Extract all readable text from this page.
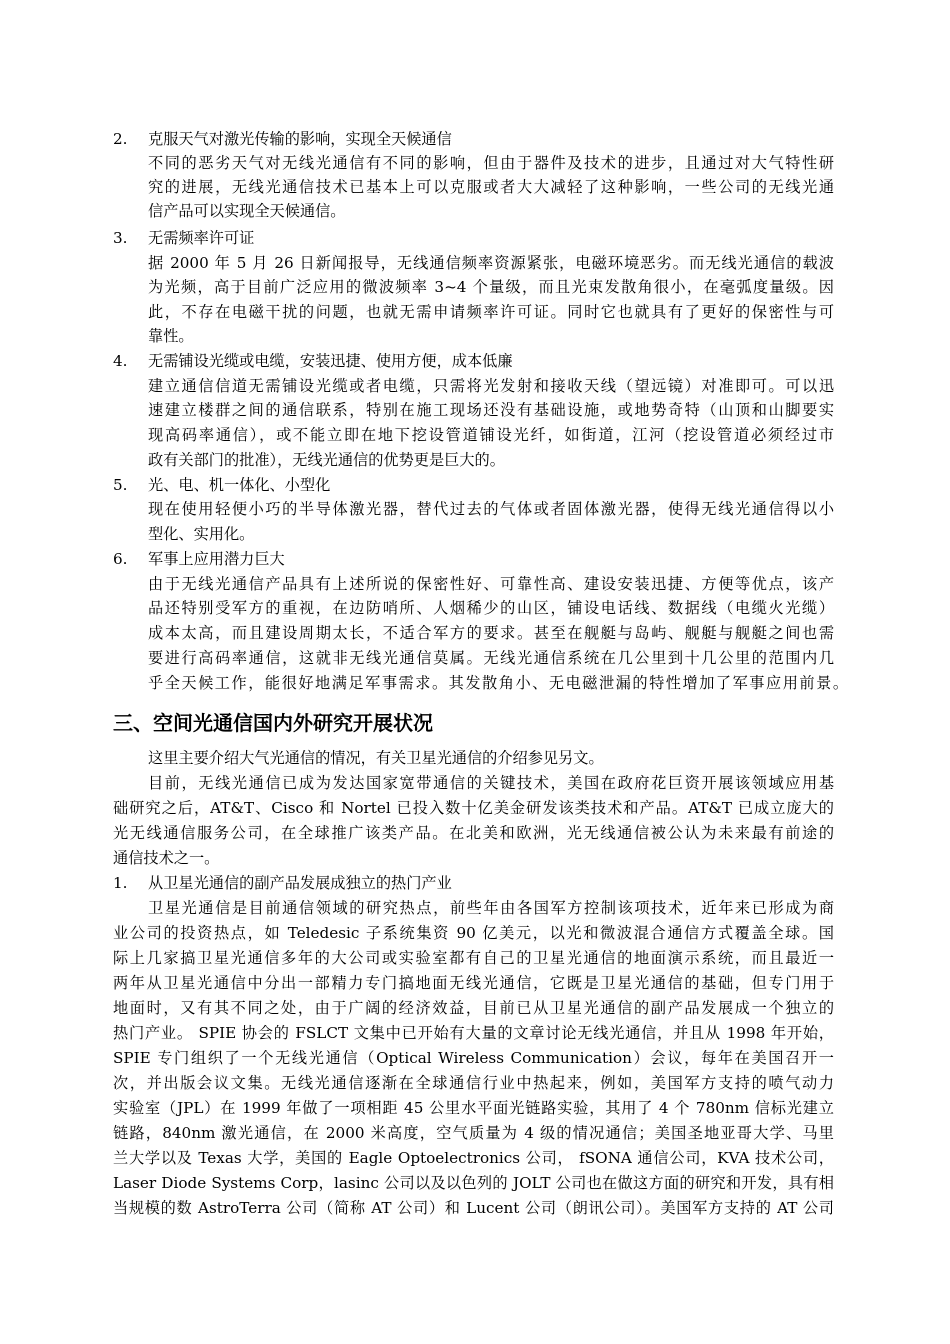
2. 克服天气对激光传输的影响，实现全天候通信
不同的恶劣天气对无线光通信有不同的影响，但由于器件及技术的进步，且通过对大气特性研
究的进展，无线光通信技术已基本上可以克服或者大大减轻了这种影响，一些公司的无线光通
信产品可以实现全天候通信。
3. 无需频率许可证
据 2000 年 5 月 26 日新闻报导，无线通信频率资源紧张，电磁环境恶劣。而无线光通信的载波
为光频，高于目前广泛应用的微波频率 3~4 个量级，而且光束发散角很小，在毫弧度量级。因
此，不存在电磁干扰的问题，也就无需申请频率许可证。同时它也就具有了更好的保密性与可
靠性。
4. 无需铺设光缆或电缆，安装迅捷、使用方便，成本低廉
建立通信信道无需铺设光缆或者电缆，只需将光发射和接收天线（望远镜）对准即可。可以迅
速建立楼群之间的通信联系，特别在施工现场还没有基础设施，或地势奇特（山顶和山脚要实
现高码率通信），或不能立即在地下挖设管道铺设光纤，如街道，江河（挖设管道必须经过市
政有关部门的批准），无线光通信的优势更是巨大的。
5. 光、电、机一体化、小型化
现在使用轻便小巧的半导体激光器，替代过去的气体或者固体激光器，使得无线光通信得以小
型化、实用化。
6. 军事上应用潜力巨大
由于无线光通信产品具有上述所说的保密性好、可靠性高、建设安装迅捷、方便等优点，该产
品还特别受军方的重视，在边防哨所、人烟稀少的山区，铺设电话线、数据线（电缆火光缆）
成本太高，而且建设周期太长，不适合军方的要求。甚至在舰艇与岛屿、舰艇与舰艇之间也需
要进行高码率通信，这就非无线光通信莫属。无线光通信系统在几公里到十几公里的范围内几
乎全天候工作，能很好地满足军事需求。其发散角小、无电磁泄漏的特性增加了军事应用前景。
三、空间光通信国内外研究开展状况
这里主要介绍大气光通信的情况，有关卫星光通信的介绍参见另文。
目前，无线光通信已成为发达国家宽带通信的关键技术，美国在政府花巨资开展该领域应用基
础研究之后，AT&T、Cisco 和 Nortel 已投入数十亿美金研发该类技术和产品。AT&T 已成立庞大的
光无线通信服务公司，在全球推广该类产品。在北美和欧洲，光无线通信被公认为未来最有前途的
通信技术之一。
1. 从卫星光通信的副产品发展成独立的热门产业
卫星光通信是目前通信领域的研究热点，前些年由各国军方控制该项技术，近年来已形成为商
业公司的投资热点，如 Teledesic 子系统集资 90 亿美元，以光和微波混合通信方式覆盖全球。国
际上几家搞卫星光通信多年的大公司或实验室都有自己的卫星光通信的地面演示系统，而且最近一
两年从卫星光通信中分出一部精力专门搞地面无线光通信，它既是卫星光通信的基础，但专门用于
地面时，又有其不同之处，由于广阔的经济效益，目前已从卫星光通信的副产品发展成一个独立的
热门产业。 SPIE 协会的 FSLCT 文集中已开始有大量的文章讨论无线光通信，并且从 1998 年开始，
SPIE 专门组织了一个无线光通信（Optical Wireless Communication）会议，每年在美国召开一
次，并出版会议文集。无线光通信逐渐在全球通信行业中热起来，例如，美国军方支持的喷气动力
实验室（JPL）在 1999 年做了一项相距 45 公里水平面光链路实验，其用了 4 个 780nm 信标光建立
链路，840nm 激光通信，在 2000 米高度，空气质量为 4 级的情况通信；美国圣地亚哥大学、马里
兰大学以及 Texas 大学，美国的 Eagle Optoelectronics 公司， fSONA 通信公司，KVA 技术公司，
Laser Diode Systems Corp，lasinc 公司以及以色列的 JOLT 公司也在做这方面的研究和开发，具有相
当规模的数 AstroTerra 公司（简称 AT 公司）和 Lucent 公司（朗讯公司）。美国军方支持的 AT 公司
